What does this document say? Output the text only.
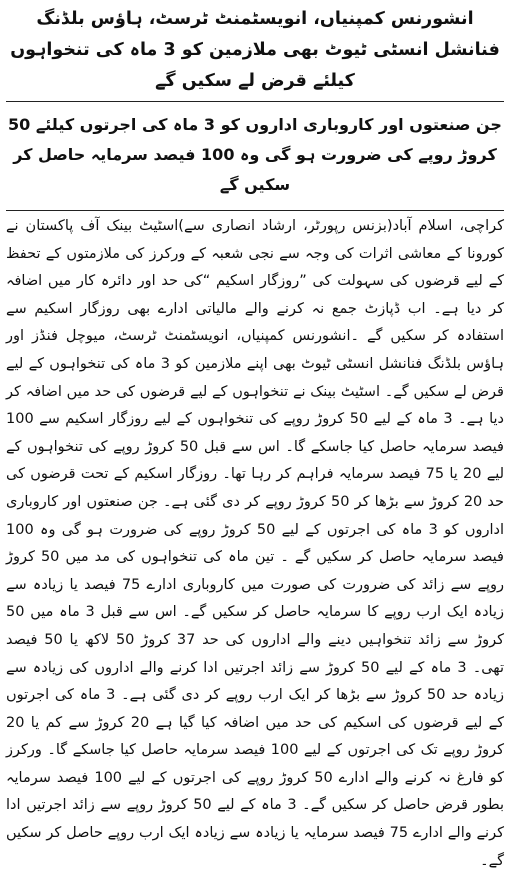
انشورنس کمپنیاں، انویسٹمنٹ ٹرسٹ، ہاؤس بلڈنگ فنانشل انسٹی ٹیوٹ بھی ملازمین کو 3 ماہ کی تنخواہوں کیلئے قرض لے سکیں گے
جن صنعتوں اور کاروباری اداروں کو 3 ماہ کی اجرتوں کیلئے 50 کروڑ روپے کی ضرورت ہو گی وہ 100 فیصد سرمایہ حاصل کر سکیں گے

کراچی، اسلام آباد(بزنس رپورٹر، ارشاد انصاری سے)اسٹیٹ بینک آف پاکستان نے کورونا کے معاشی اثرات کی وجہ سے نجی شعبہ کے ورکرز کی ملازمتوں کے تحفظ کے لیے قرضوں کی سہولت کی ”روزگار اسکیم “کی حد اور دائرہ کار میں اضافہ کر دیا ہے۔ اب ڈپازٹ جمع نہ کرنے والے مالیاتی ادارے بھی روزگار اسکیم سے استفادہ کر سکیں گے ۔انشورنس کمپنیاں، انویسٹمنٹ ٹرسٹ، میوچل فنڈز اور ہاؤس بلڈنگ فنانشل انسٹی ٹیوٹ بھی اپنے ملازمین کو 3 ماہ کی تنخواہوں کے لیے قرض لے سکیں گے۔ اسٹیٹ بینک نے تنخواہوں کے لیے قرضوں کی حد میں اضافہ کر دیا ہے۔ 3 ماہ کے لیے 50 کروڑ روپے کی تنخواہوں کے لیے روزگار اسکیم سے 100 فیصد سرمایہ حاصل کیا جاسکے گا۔ اس سے قبل 50 کروڑ روپے کی تنخواہوں کے لیے 20 یا 75 فیصد سرمایہ فراہم کر رہا تھا۔ روزگار اسکیم کے تحت قرضوں کی حد 20 کروڑ سے بڑھا کر 50 کروڑ روپے کر دی گئی ہے۔ جن صنعتوں اور کاروباری اداروں کو 3 ماہ کی اجرتوں کے لیے 50 کروڑ روپے کی ضرورت ہو گی وہ 100 فیصد سرمایہ حاصل کر سکیں گے ۔ تین ماہ کی تنخواہوں کی مد میں 50 کروڑ روپے سے زائد کی ضرورت کی صورت میں کاروباری ادارے 75 فیصد یا زیادہ سے زیادہ ایک ارب روپے کا سرمایہ حاصل کر سکیں گے۔ اس سے قبل 3 ماہ میں 50 کروڑ سے زائد تنخواہیں دینے والے اداروں کی حد 37 کروڑ 50 لاکھ یا 50 فیصد تھی۔ 3 ماہ کے لیے 50 کروڑ سے زائد اجرتیں ادا کرنے والے اداروں کی زیادہ سے زیادہ حد 50 کروڑ سے بڑھا کر ایک ارب روپے کر دی گئی ہے۔ 3 ماہ کی اجرتوں کے لیے قرضوں کی اسکیم کی حد میں اضافہ کیا گیا ہے 20 کروڑ سے کم یا 20 کروڑ روپے تک کی اجرتوں کے لیے 100 فیصد سرمایہ حاصل کیا جاسکے گا۔ ورکرز کو فارغ نہ کرنے والے ادارے 50 کروڑ روپے کی اجرتوں کے لیے 100 فیصد سرمایہ بطور قرض حاصل کر سکیں گے۔ 3 ماہ کے لیے 50 کروڑ روپے سے زائد اجرتیں ادا کرنے والے ادارے 75 فیصد سرمایہ یا زیادہ سے زیادہ ایک ارب روپے حاصل کر سکیں گے۔
